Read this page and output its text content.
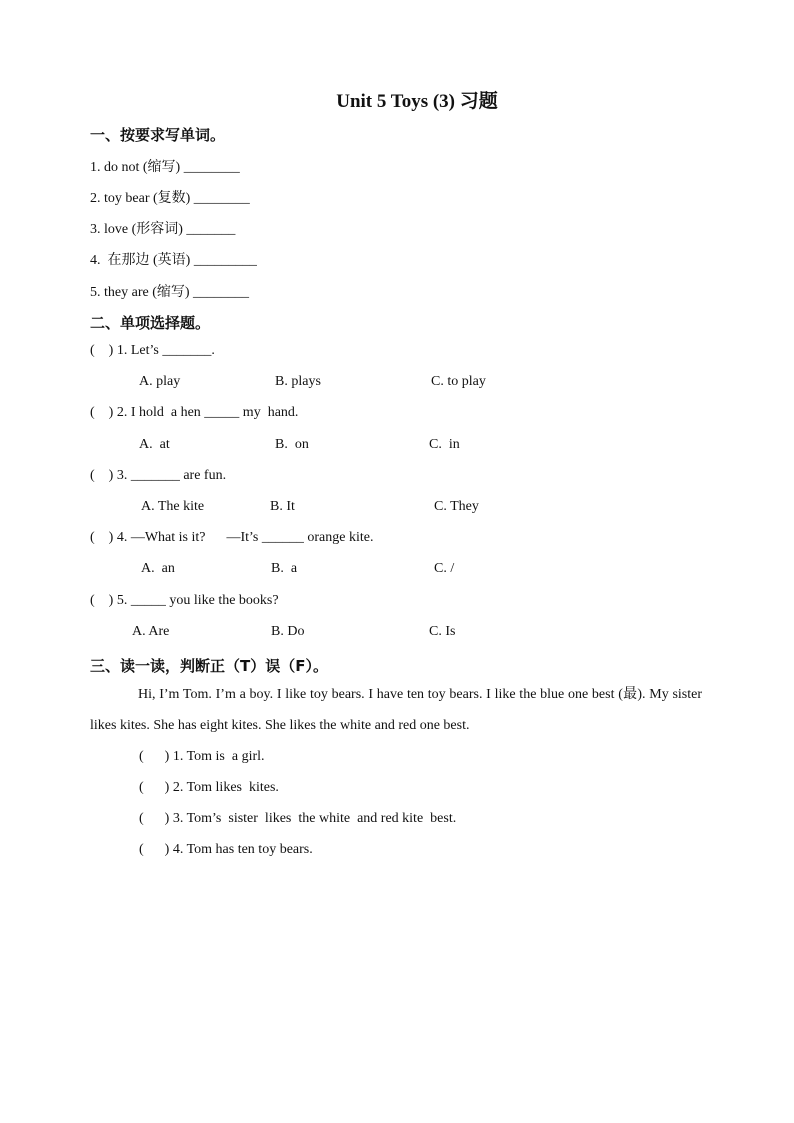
Unit 5 Toys (3) 习题
一、按要求写单词。
1. do not (缩写) ________
2. toy bear (复数) ________
3. love (形容词) _______
4.  在那边 (英语) _________
5. they are (缩写) ________
二、单项选择题。
(    ) 1. Let’s _______.
A. play	B. plays	C. to play
(    ) 2. I hold  a hen _____ my  hand.
A.  at	B.  on	C.  in
(    ) 3. _______ are fun.
A. The kite	B. It	C. They
(    ) 4. —What is it?      —It’s ______ orange kite.
A.  an	B.  a	C. /
(    ) 5. _____ you like the books?
A. Are	B. Do	C. Is
三、读一读，判断正（T）误（F）。
Hi, I’m Tom. I’m a boy. I like toy bears. I have ten toy bears. I like the blue one best (最). My sister likes kites. She has eight kites. She likes the white and red one best.
(      ) 1. Tom is  a girl.
(      ) 2. Tom likes  kites.
(      ) 3. Tom’s  sister  likes  the white  and red kite  best.
(      ) 4. Tom has ten toy bears.
